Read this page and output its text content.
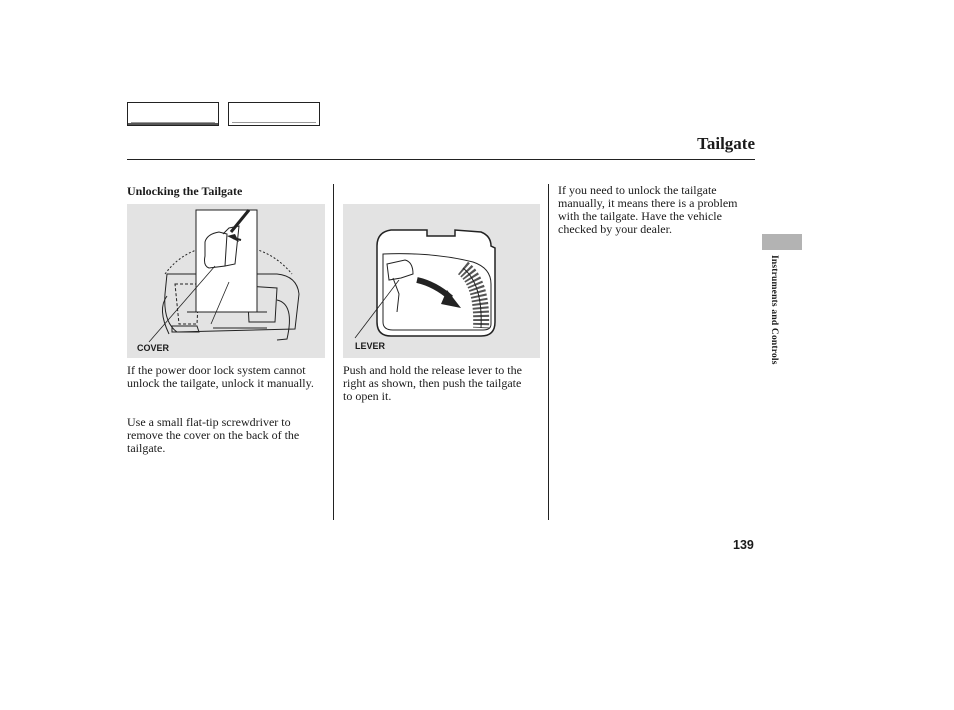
Tailgate
Unlocking the Tailgate
COVER	LEVER
If the power door lock system cannot unlock the tailgate, unlock it manually.
Use a small flat-tip screwdriver to remove the cover on the back of the tailgate.
Push and hold the release lever to the right as shown, then push the tailgate to open it.
If you need to unlock the tailgate manually, it means there is a problem with the tailgate. Have the vehicle checked by your dealer.
Instruments and Controls
139
